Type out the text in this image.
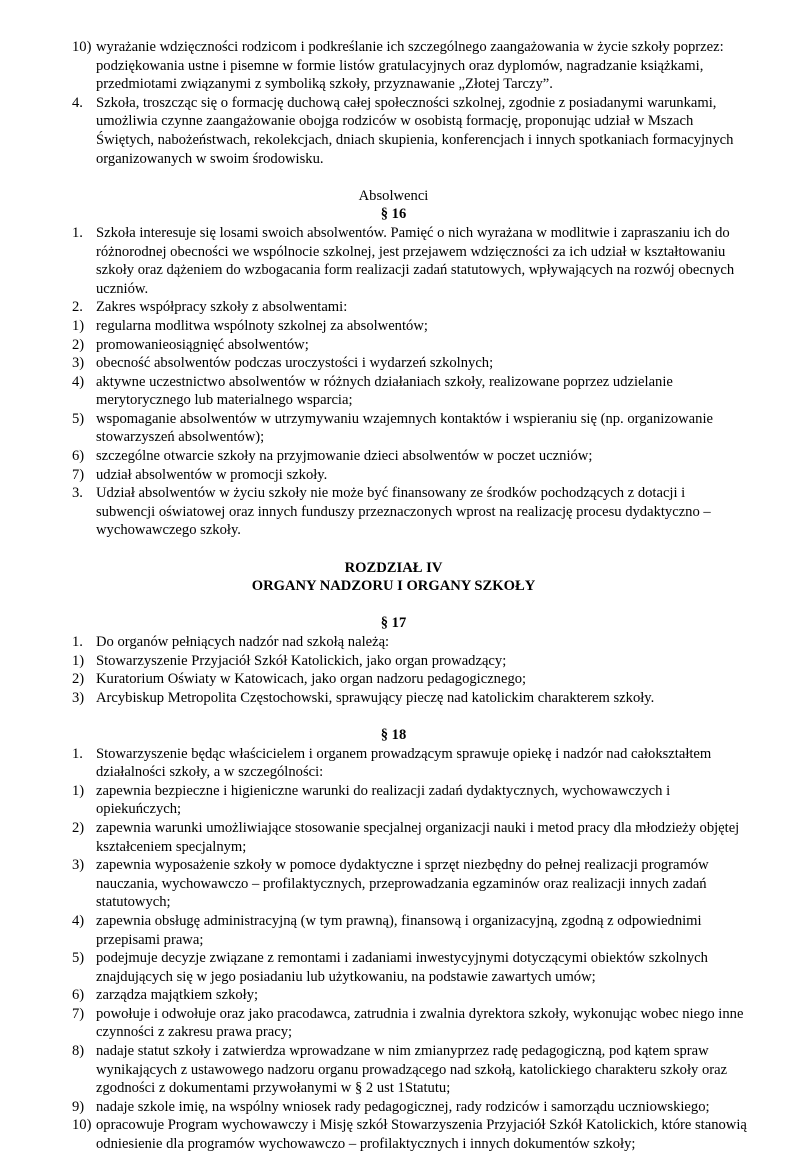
10) wyrażanie wdzięczności rodzicom i podkreślanie ich szczególnego zaangażowania w życie szkoły poprzez: podziękowania ustne i pisemne w formie listów gratulacyjnych oraz dyplomów, nagradzanie książkami, przedmiotami związanymi z symboliką szkoły, przyznawanie „Złotej Tarczy”.
4. Szkoła, troszcząc się o formację duchową całej społeczności szkolnej, zgodnie z posiadanymi warunkami, umożliwia czynne zaangażowanie obojga rodziców w osobistą formację, proponując udział w Mszach Świętych, nabożeństwach, rekolekcjach, dniach skupienia, konferencjach i innych spotkaniach formacyjnych organizowanych w swoim środowisku.
Absolwenci
§ 16
1. Szkoła interesuje się losami swoich absolwentów. Pamięć o nich wyrażana w modlitwie i zapraszaniu ich do różnorodnej obecności we wspólnocie szkolnej, jest przejawem wdzięczności za ich udział w kształtowaniu szkoły oraz dążeniem do wzbogacania form realizacji zadań statutowych, wpływających na rozwój obecnych uczniów.
2. Zakres współpracy szkoły z absolwentami:
1) regularna modlitwa wspólnoty szkolnej za absolwentów;
2) promowanieosiągnięć absolwentów;
3) obecność absolwentów podczas uroczystości i wydarzeń szkolnych;
4) aktywne uczestnictwo absolwentów w różnych działaniach szkoły, realizowane poprzez udzielanie merytorycznego lub materialnego wsparcia;
5) wspomaganie absolwentów w utrzymywaniu wzajemnych kontaktów i wspieraniu się (np. organizowanie stowarzyszeń absolwentów);
6) szczególne otwarcie szkoły na przyjmowanie dzieci absolwentów w poczet uczniów;
7) udział absolwentów w promocji szkoły.
3. Udział absolwentów w życiu szkoły nie może być finansowany ze środków pochodzących z dotacji i subwencji oświatowej oraz innych funduszy przeznaczonych wprost na realizację procesu dydaktyczno – wychowawczego szkoły.
ROZDZIAŁ IV
ORGANY NADZORU I ORGANY SZKOŁY
§ 17
1. Do organów pełniących nadzór nad szkołą należą:
1) Stowarzyszenie Przyjaciół Szkół Katolickich, jako organ prowadzący;
2) Kuratorium Oświaty w Katowicach, jako organ nadzoru pedagogicznego;
3) Arcybiskup Metropolita Częstochowski, sprawujący pieczę nad katolickim charakterem szkoły.
§ 18
1. Stowarzyszenie będąc właścicielem i organem prowadzącym sprawuje opiekę i nadzór nad całokształtem działalności szkoły, a w szczególności:
1) zapewnia bezpieczne i higieniczne warunki do realizacji zadań dydaktycznych, wychowawczych i opiekuńczych;
2) zapewnia warunki umożliwiające stosowanie specjalnej organizacji nauki i metod pracy dla młodzieży objętej kształceniem specjalnym;
3) zapewnia wyposażenie szkoły w pomoce dydaktyczne i sprzęt niezbędny do pełnej realizacji programów nauczania, wychowawczo – profilaktycznych, przeprowadzania egzaminów oraz realizacji innych zadań statutowych;
4) zapewnia obsługę administracyjną (w tym prawną), finansową i organizacyjną, zgodną z odpowiednimi przepisami prawa;
5) podejmuje decyzje związane z remontami i zadaniami inwestycyjnymi dotyczącymi obiektów szkolnych znajdujących się w jego posiadaniu lub użytkowaniu, na podstawie zawartych umów;
6) zarządza majątkiem szkoły;
7) powołuje i odwołuje oraz jako pracodawca, zatrudnia i zwalnia dyrektora szkoły, wykonując wobec niego inne czynności z zakresu prawa pracy;
8) nadaje statut szkoły i zatwierdza wprowadzane w nim zmianyprzez radę pedagogiczną, pod kątem spraw wynikających z ustawowego nadzoru organu prowadzącego nad szkołą, katolickiego charakteru szkoły oraz zgodności z dokumentami przywołanymi w § 2 ust 1Statutu;
9) nadaje szkole imię, na wspólny wniosek rady pedagogicznej, rady rodziców i samorządu uczniowskiego;
10) opracowuje Program wychowawczy i Misję szkół Stowarzyszenia Przyjaciół Szkół Katolickich, które stanowią odniesienie dla programów wychowawczo – profilaktycznych i innych dokumentów szkoły;
